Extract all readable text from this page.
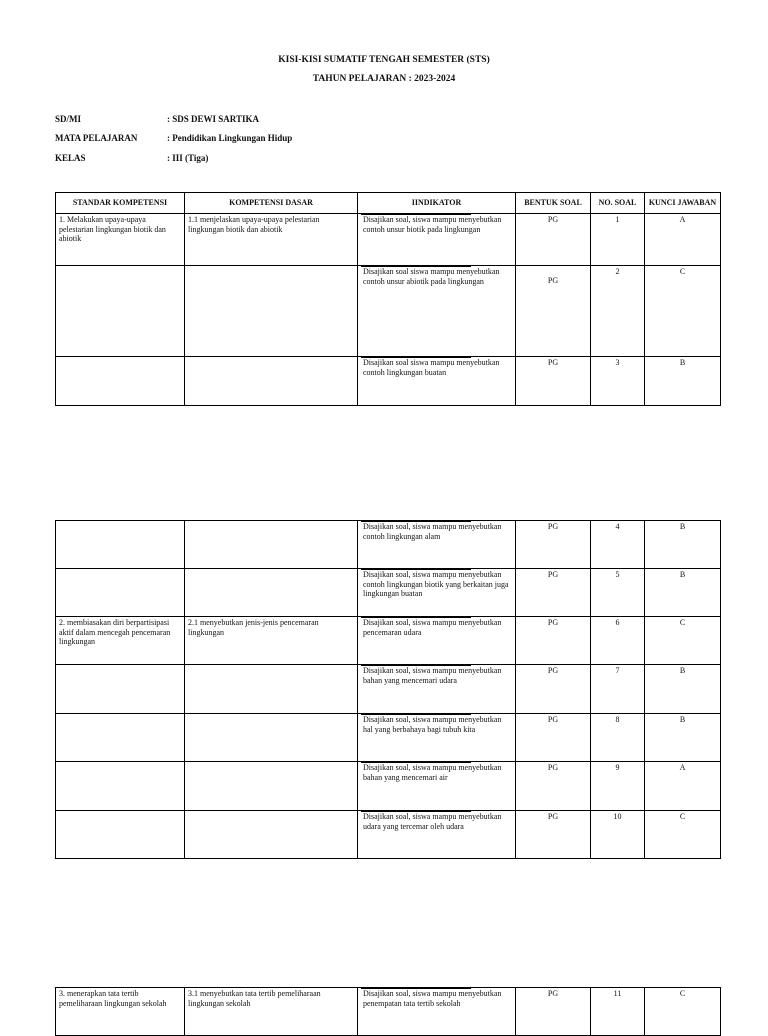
KISI-KISI SUMATIF TENGAH SEMESTER (STS)
TAHUN PELAJARAN : 2023-2024
SD/MI	: SDS DEWI SARTIKA
MATA PELAJARAN	: Pendidikan Lingkungan Hidup
KELAS	: III (Tiga)
STANDAR KOMPETENSI	KOMPETENSI DASAR	IINDIKATOR	BENTUK SOAL	NO. SOAL	KUNCI JAWABAN
1. Melakukan upaya-upaya pelestarian lingkungan biotik dan abiotik	1.1 menjelaskan upaya-upaya pelestarian lingkungan biotik dan abiotik	Disajikan soal, siswa mampu menyebutkan contoh unsur biotik pada lingkungan	PG	1	A
		Disajikan soal siswa mampu menyebutkan contoh unsur abiotik pada lingkungan	PG	2	C
		Disajikan soal siswa mampu menyebutkan contoh lingkungan buatan	PG	3	B
		Disajikan soal, siswa mampu menyebutkan contoh lingkungan alam	PG	4	B
		Disajikan soal, siswa mampu menyebutkan contoh lingkungan biotik yang berkaitan juga lingkungan buatan	PG	5	B
2. membiasakan diri berpartisipasi aktif dalam mencegah pencemaran lingkungan	2.1 menyebutkan jenis-jenis pencemaran lingkungan	Disajikan soal, siswa mampu menyebutkan pencemaran udara	PG	6	C
		Disajikan soal, siswa mampu menyebutkan bahan yang mencemari udara	PG	7	B
		Disajikan soal, siswa mampu menyebutkan hal yang berbahaya bagi tubuh kita	PG	8	B
		Disajikan soal, siswa mampu menyebutkan bahan yang mencemari air	PG	9	A
		Disajikan soal, siswa mampu menyebutkan udara yang tercemar oleh udara	PG	10	C
3. menerapkan tata tertib pemeliharaan lingkungan sekolah	3.1 menyebutkan tata tertib pemeliharaan lingkungan sekolah	Disajikan soal, siswa mampu menyebutkan penempatan tata tertib sekolah	PG	11	C
